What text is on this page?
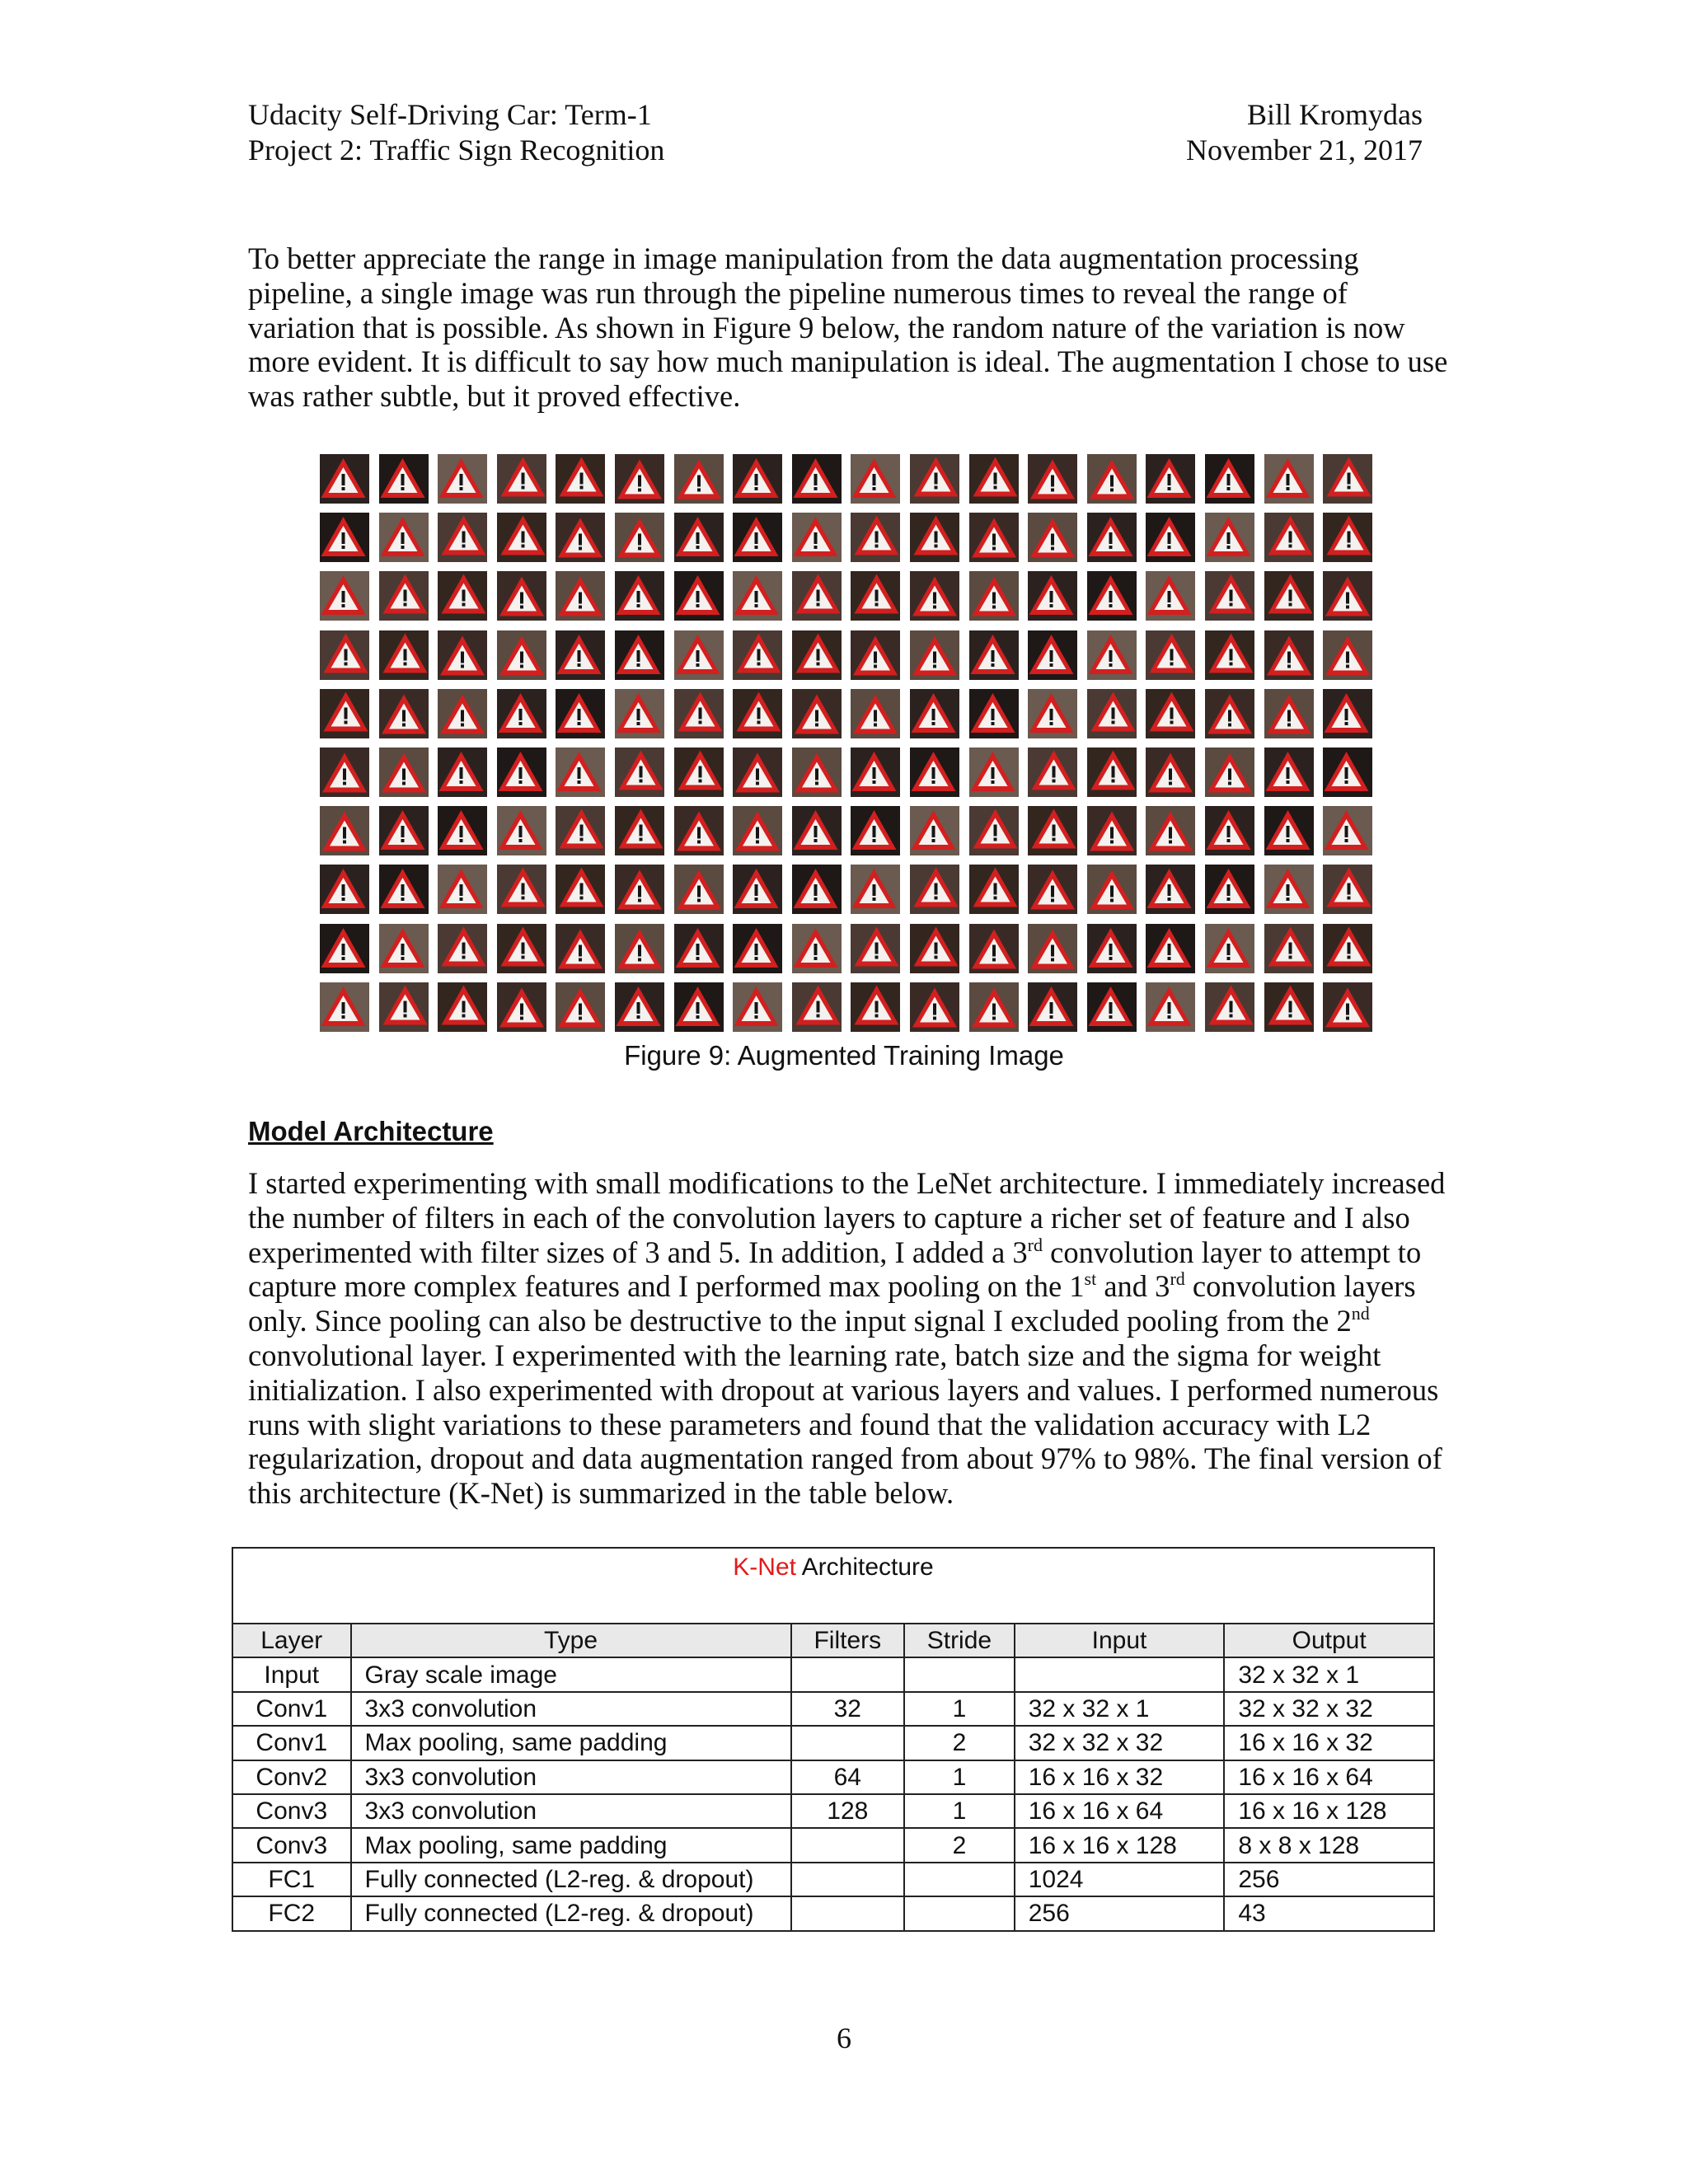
Udacity Self-Driving Car: Term-1	Bill Kromydas
Project 2: Traffic Sign Recognition	November 21, 2017

To better appreciate the range in image manipulation from the data augmentation processing pipeline, a single image was run through the pipeline numerous times to reveal the range of variation that is possible. As shown in Figure 9 below, the random nature of the variation is now more evident. It is difficult to say how much manipulation is ideal. The augmentation I chose to use was rather subtle, but it proved effective.

Figure 9: Augmented Training Image
Model Architecture

I started experimenting with small modifications to the LeNet architecture. I immediately increased the number of filters in each of the convolution layers to capture a richer set of feature and I also experimented with filter sizes of 3 and 5. In addition, I added a 3rd convolution layer to attempt to capture more complex features and I performed max pooling on the 1st and 3rd convolution layers only. Since pooling can also be destructive to the input signal I excluded pooling from the 2nd convolutional layer. I experimented with the learning rate, batch size and the sigma for weight initialization. I also experimented with dropout at various layers and values. I performed numerous runs with slight variations to these parameters and found that the validation accuracy with L2 regularization, dropout and data augmentation ranged from about 97% to 98%. The final version of this architecture (K-Net) is summarized in the table below.

K-Net Architecture					
Layer	Type	Filters	Stride	Input	Output
Input	Gray scale image				32 x 32 x 1
Conv1	3x3 convolution	32	1	32 x 32 x 1	32 x 32 x 32
Conv1	Max pooling, same padding		2	32 x 32 x 32	16 x 16 x 32
Conv2	3x3 convolution	64	1	16 x 16 x 32	16 x 16 x 64
Conv3	3x3 convolution	128	1	16 x 16 x 64	16 x 16 x 128
Conv3	Max pooling, same padding		2	16 x 16 x 128	8 x 8 x 128
FC1	Fully connected (L2-reg. & dropout)			1024	256
FC2	Fully connected (L2-reg. & dropout)			256	43
6
